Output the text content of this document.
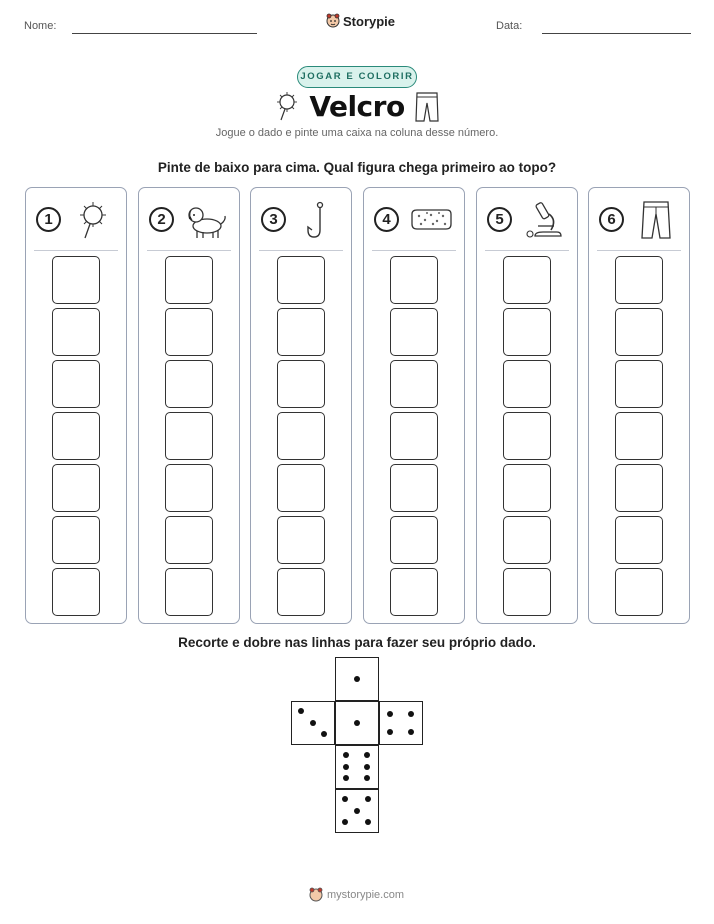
Nome:	Storypie	Data:
JOGAR E COLORIR
Velcro
Jogue o dado e pinte uma caixa na coluna desse número.
Pinte de baixo para cima. Qual figura chega primeiro ao topo?
1	2	3	4	5	6
Recorte e dobre nas linhas para fazer seu próprio dado.
mystorypie.com
